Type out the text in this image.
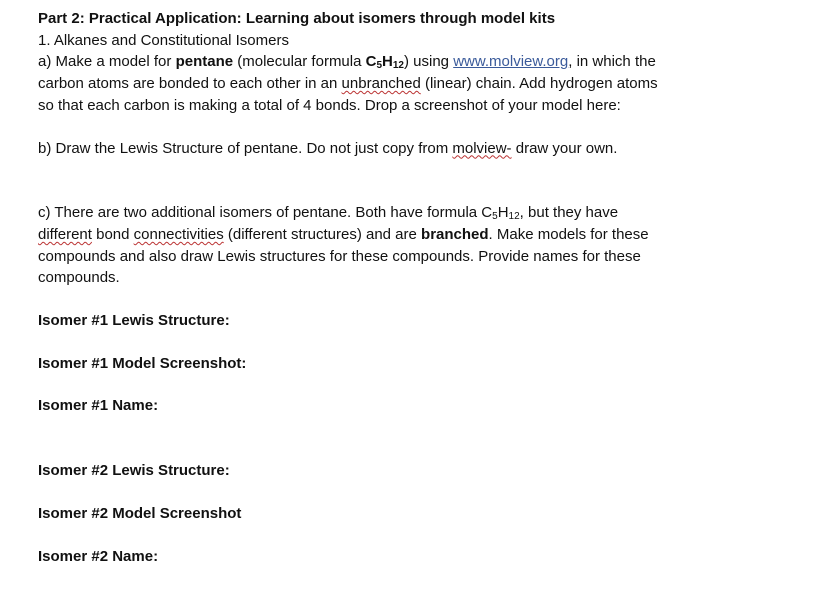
Part 2: Practical Application: Learning about isomers through model kits
1. Alkanes and Constitutional Isomers
a) Make a model for pentane (molecular formula $C_5H_{12}$) using www.molview.org, in which the
carbon atoms are bonded to each other in an unbranched (linear) chain. Add hydrogen atoms
so that each carbon is making a total of 4 bonds. Drop a screenshot of your model here:
b) Draw the Lewis Structure of pentane. Do not just copy from molview- draw your own.
c) There are two additional isomers of pentane. Both have formula $C_5H_{12}$, but they have
different bond connectivities (different structures) and are branched. Make models for these
compounds and also draw Lewis structures for these compounds. Provide names for these
compounds.
Isomer #1 Lewis Structure:
Isomer #1 Model Screenshot:
Isomer #1 Name:
Isomer #2 Lewis Structure:
Isomer #2 Model Screenshot
Isomer #2 Name:
